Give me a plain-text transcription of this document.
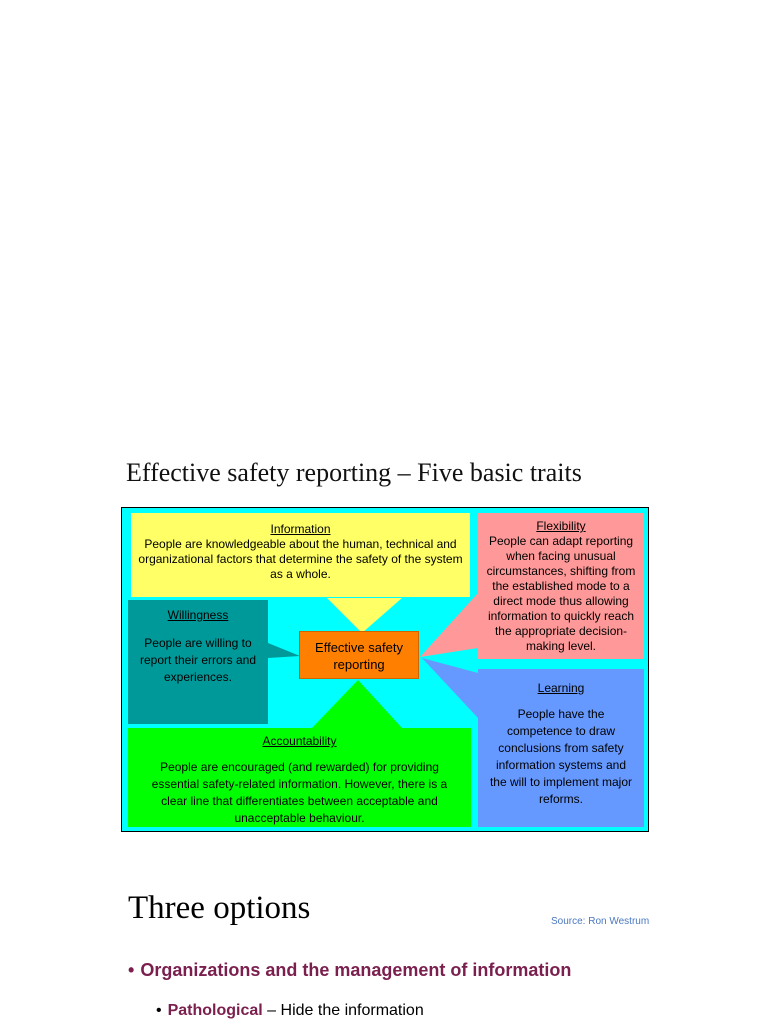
Effective safety reporting – Five basic traits
Information
People are knowledgeable about the human, technical and organizational factors that determine the safety of the system as a whole.
Flexibility
People can adapt reporting when facing unusual circumstances, shifting from the established mode to a direct mode thus allowing information to quickly reach the appropriate decision-making level.
Willingness
People are willing to report their errors and experiences.
Learning
People have the competence to draw conclusions from safety information systems and the will to implement major reforms.
Accountability
People are encouraged (and rewarded) for providing essential safety-related information. However, there is a clear line that differentiates between acceptable and unacceptable behaviour.
Effective safety reporting
Three options	Source: Ron Westrum
• Organizations and the management of information
• Pathological – Hide the information
